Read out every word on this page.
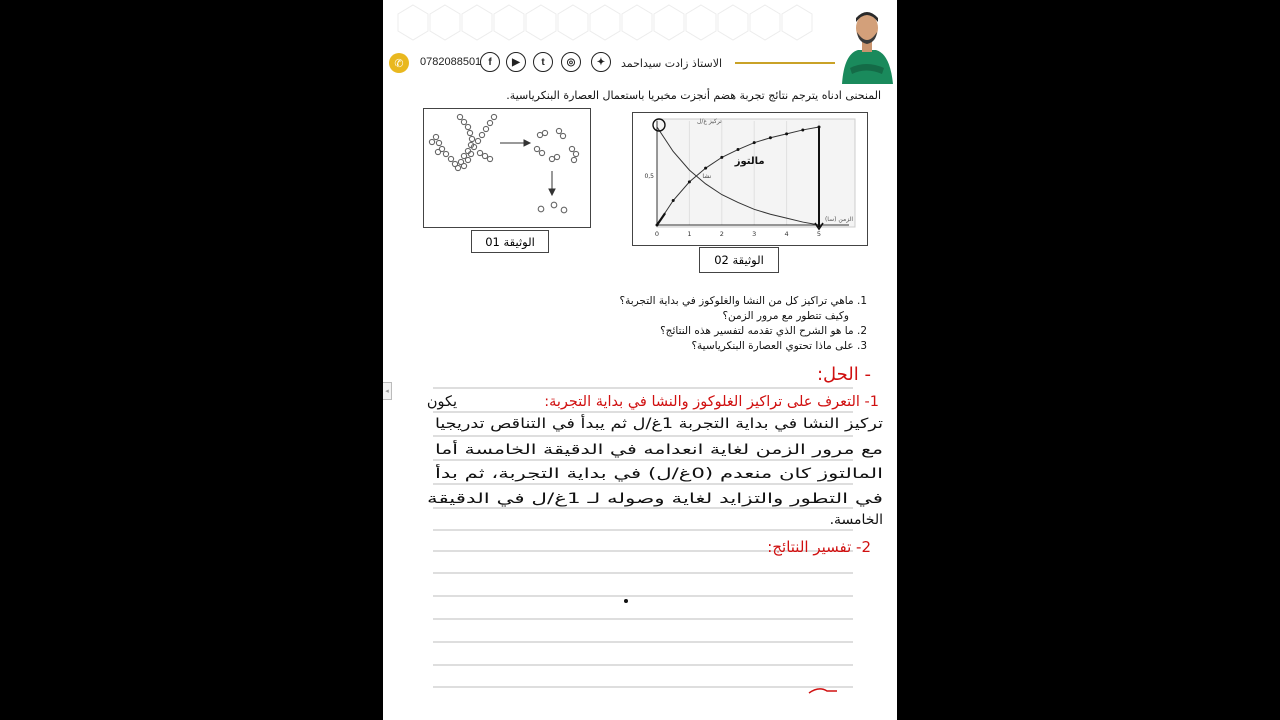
✆	0782088501 f	▶	t	◎	✦	الاستاذ زادت سيداحمد
المنحنى ادناه يترجم نتائج تجربة هضم أنجزت مخبريا باستعمال العصارة البنكرياسية.
الوثيقة 01
0	1	2	3	4	5
0,5
تركيز غ/ل
الزمن (سا)
نشا
مالتوز
الوثيقة 02
1. ماهي تراكيز كل من النشا والغلوكوز في بداية التجربة؟
وكيف تتطور مع مرور الزمن؟
2. ما هو الشرح الذي تقدمه لتفسير هذه النتائج؟
3. على ماذا تحتوي العصارة البنكرياسية؟
- الحل:
1- التعرف على تراكيز الغلوكوز والنشا في بداية التجربة:
يكون
تركيز النشا في بداية التجربة 1غ/ل ثم يبدأ في التناقص تدريجيا
مع مرور الزمن لغاية انعدامه في الدقيقة الخامسة أما
المالتوز كان منعدم (0غ/ل) في بداية التجربة، ثم بدأ
في التطور والتزايد لغاية وصوله لـ 1غ/ل في الدقيقة
الخامسة.
2- تفسير النتائج:
◂
